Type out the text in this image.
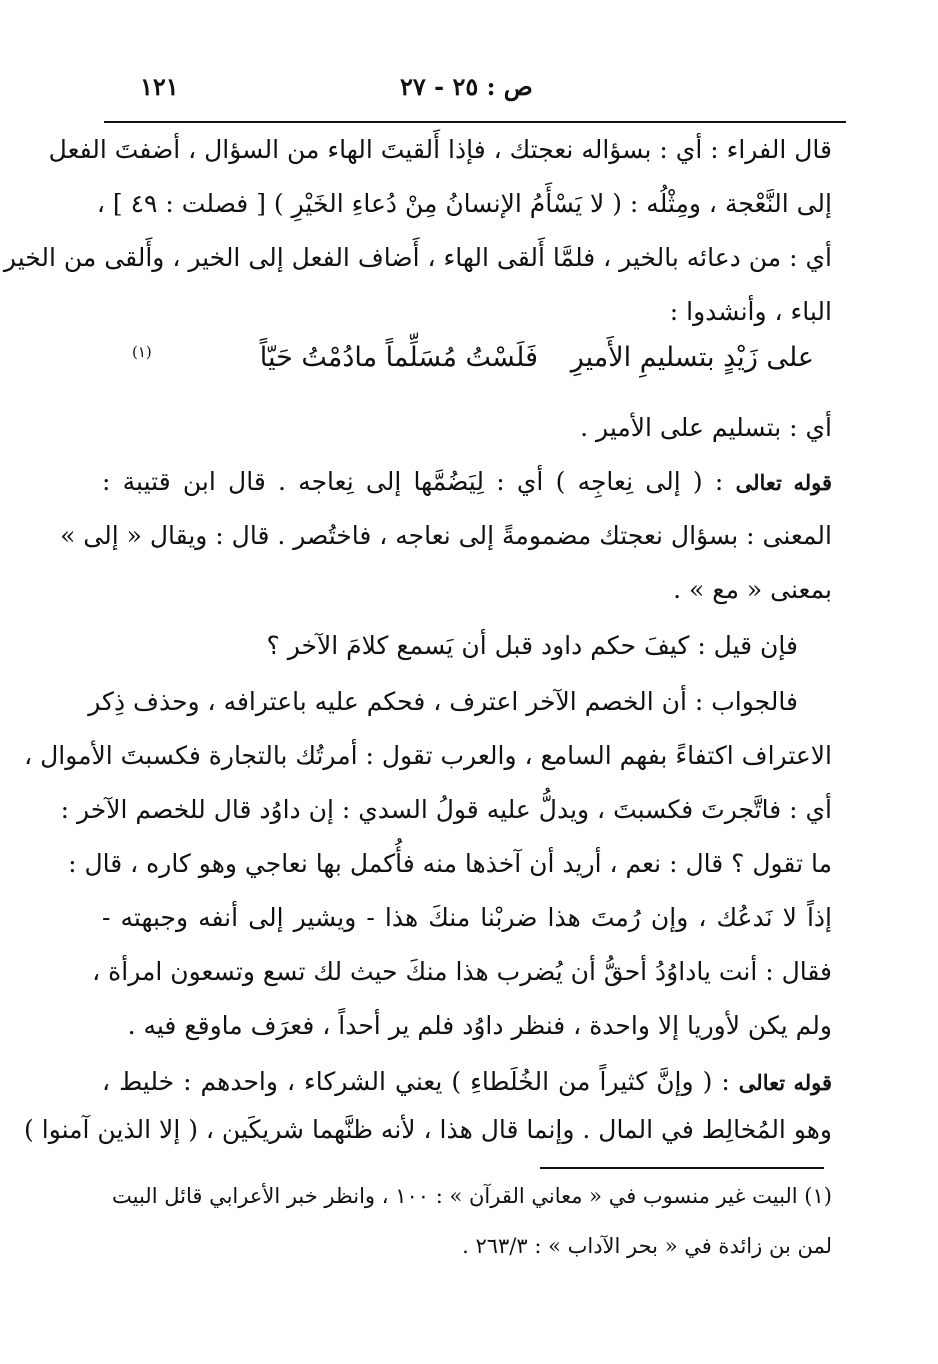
١٢١	ص : ٢٥ - ٢٧
قال الفراء : أي : بسؤاله نعجتك ، فإذا أَلقيتَ الهاء من السؤال ، أضفتَ الفعل
إلى النَّعْجة ، ومِثْلُه : ( لا يَسْأَمُ الإنسانُ مِنْ دُعاءِ الخَيْرِ ) [ فصلت : ٤٩ ] ،
أي : من دعائه بالخير ، فلمَّا أَلقى الهاء ، أَضاف الفعل إلى الخير ، وأَلقى من الخير
الباء ، وأنشدوا :
فَلَسْتُ مُسَلِّماً مادُمْتُ حَيّاً على زَيْدٍ بتسليمِ الأَميرِ
(١)
أي : بتسليم على الأمير .
قوله تعالى : ( إلى نِعاجِه ) أي : لِيَضُمَّها إلى نِعاجه . قال ابن قتيبة :
المعنى : بسؤال نعجتك مضمومةً إلى نعاجه ، فاختُصر . قال : ويقال « إلى »
بمعنى « مع » .
فإن قيل : كيفَ حكم داود قبل أن يَسمع كلامَ الآخر ؟
فالجواب : أن الخصم الآخر اعترف ، فحكم عليه باعترافه ، وحذف ذِكر
الاعتراف اكتفاءً بفهم السامع ، والعرب تقول : أمرتُك بالتجارة فكسبتَ الأموال ،
أي : فاتَّجرتَ فكسبتَ ، ويدلُّ عليه قولُ السدي : إن داوُد قال للخصم الآخر :
ما تقول ؟ قال : نعم ، أريد أن آخذها منه فأُكمل بها نعاجي وهو كاره ، قال :
إذاً لا نَدعُك ، وإن رُمتَ هذا ضربْنا منكَ هذا - ويشير إلى أنفه وجبهته -
فقال : أنت ياداوُدُ أحقُّ أن يُضرب هذا منكَ حيث لك تسع وتسعون امرأة ،
ولم يكن لأوريا إلا واحدة ، فنظر داوُد فلم ير أحداً ، فعرَف ماوقع فيه .
قوله تعالى : ( وإنَّ كثيراً من الخُلَطاءِ ) يعني الشركاء ، واحدهم : خليط ،
وهو المُخالِط في المال . وإنما قال هذا ، لأنه ظنَّهما شريكَين ، ( إلا الذين آمنوا )
(١) البيت غير منسوب في « معاني القرآن » : ١٠٠ ، وانظر خبر الأعرابي قائل البيت
لمن بن زائدة في « بحر الآداب » : ٢٦٣/٣ .
